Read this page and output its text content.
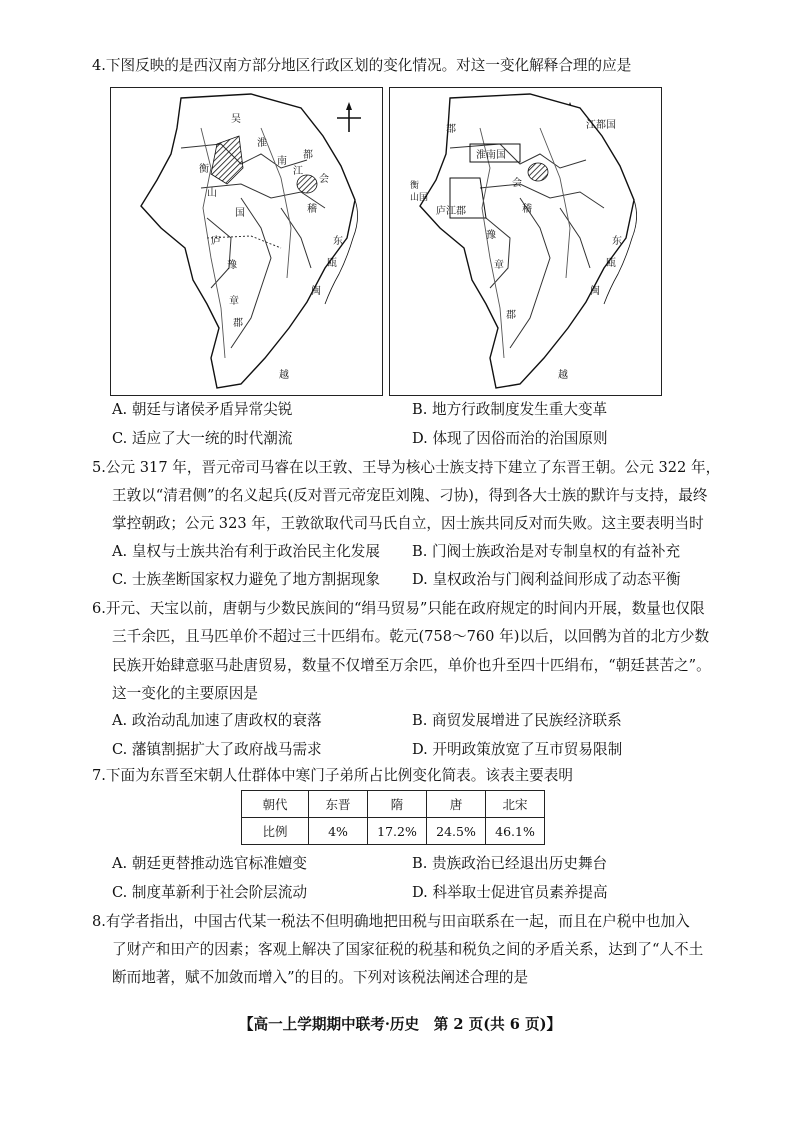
4.下图反映的是西汉南方部分地区行政区划的变化情况。对这一变化解释合理的应是
吴
淮
南
衡
山
国
江
都
会
稽
庐	东
瓯
闽
豫
章
郡
越
江都国
郡
淮南国
衡
山国
会
稽
庐江郡
豫
章
东
瓯
闽
郡
越
A. 朝廷与诸侯矛盾异常尖锐	B. 地方行政制度发生重大变革
C. 适应了大一统的时代潮流	D. 体现了因俗而治的治国原则
5.公元 317 年，晋元帝司马睿在以王敦、王导为核心士族支持下建立了东晋王朝。公元 322 年，
王敦以“清君侧”的名义起兵(反对晋元帝宠臣刘隗、刁协)，得到各大士族的默许与支持，最终
掌控朝政；公元 323 年，王敦欲取代司马氏自立，因士族共同反对而失败。这主要表明当时
A. 皇权与士族共治有利于政治民主化发展 B. 门阀士族政治是对专制皇权的有益补充
C. 士族垄断国家权力避免了地方割据现象 D. 皇权政治与门阀利益间形成了动态平衡
6.开元、天宝以前，唐朝与少数民族间的“绢马贸易”只能在政府规定的时间内开展，数量也仅限
三千余匹，且马匹单价不超过三十匹绢布。乾元(758～760 年)以后，以回鹘为首的北方少数
民族开始肆意驱马赴唐贸易，数量不仅增至万余匹，单价也升至四十匹绢布，“朝廷甚苦之”。
这一变化的主要原因是
A. 政治动乱加速了唐政权的衰落	B. 商贸发展增进了民族经济联系
C. 藩镇割据扩大了政府战马需求	D. 开明政策放宽了互市贸易限制
7.下面为东晋至宋朝人仕群体中寒门子弟所占比例变化简表。该表主要表明
朝代	东晋	隋	唐	北宋
比例	4%	17.2%	24.5%	46.1%
A. 朝廷更替推动选官标准嬗变	B. 贵族政治已经退出历史舞台
C. 制度革新利于社会阶层流动	D. 科举取士促进官员素养提高
8.有学者指出，中国古代某一税法不但明确地把田税与田亩联系在一起，而且在户税中也加入
了财产和田产的因素；客观上解决了国家征税的税基和税负之间的矛盾关系，达到了“人不土
断而地著，赋不加敛而增入”的目的。下列对该税法阐述合理的是
【高一上学期期中联考·历史　第 2 页(共 6 页)】
